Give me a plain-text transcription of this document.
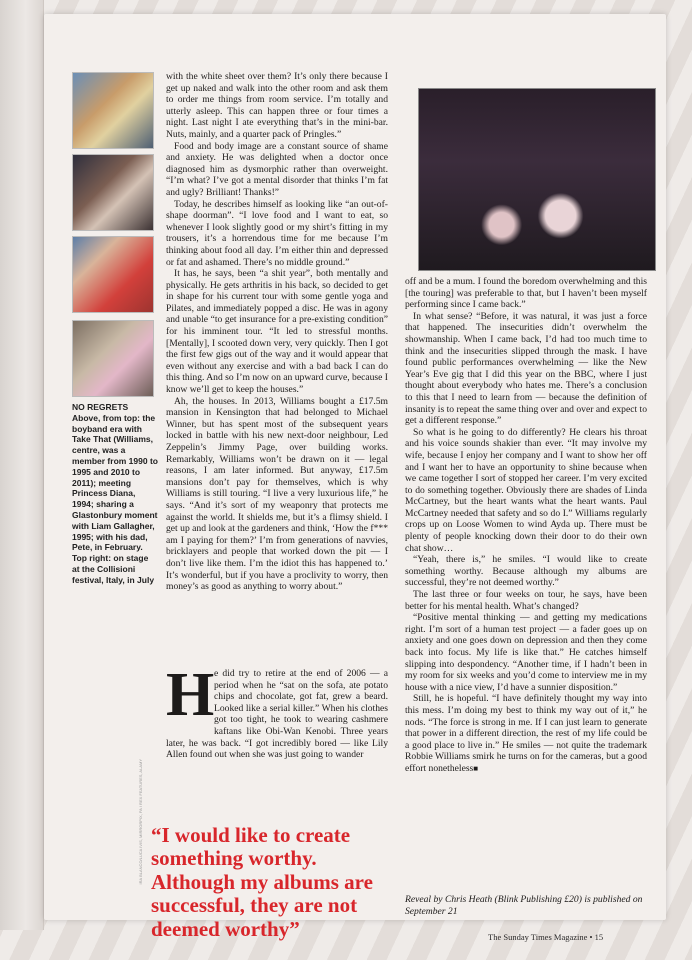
NO REGRETS Above, from top: the boyband era with Take That (Williams, centre, was a member from 1990 to 1995 and 2010 to 2011); meeting Princess Diana, 1994; sharing a Glastonbury moment with Liam Gallagher, 1995; with his dad, Pete, in February. Top right: on stage at the Collisioni festival, Italy, in July
IRA BLANCO/LUCA IVIS, MIRRORPIX, PA / REX FEATURES, ALAMY

with the white sheet over them? It’s only there because I get up naked and walk into the other room and ask them to order me things from room service. I’m totally and utterly asleep. This can happen three or four times a night. Last night I ate everything that’s in the mini-bar. Nuts, mainly, and a quarter pack of Pringles.”

Food and body image are a constant source of shame and anxiety. He was delighted when a doctor once diagnosed him as dysmorphic rather than overweight. “I’m what? I’ve got a mental disorder that thinks I’m fat and ugly? Brilliant! Thanks!”

Today, he describes himself as looking like “an out-of-shape doorman”. “I love food and I want to eat, so whenever I look slightly good or my shirt’s fitting in my trousers, it’s a horrendous time for me because I’m thinking about food all day. I’m either thin and depressed or fat and ashamed. There’s no middle ground.”

It has, he says, been “a shit year”, both mentally and physically. He gets arthritis in his back, so decided to get in shape for his current tour with some gentle yoga and Pilates, and immediately popped a disc. He was in agony and unable “to get insurance for a pre-existing condition” for his imminent tour. “It led to stressful months. [Mentally], I scooted down very, very quickly. Then I got the first few gigs out of the way and it would appear that even without any exercise and with a bad back I can do this thing. And so I’m now on an upward curve, because I know we’ll get to keep the houses.”

Ah, the houses. In 2013, Williams bought a £17.5m mansion in Kensington that had belonged to Michael Winner, but has spent most of the subsequent years locked in battle with his new next-door neighbour, Led Zeppelin’s Jimmy Page, over building works. Remarkably, Williams won’t be drawn on it — legal reasons, I am later informed. But anyway, £17.5m mansions don’t pay for themselves, which is why Williams is still touring. “I live a very luxurious life,” he says. “And it’s sort of my weaponry that protects me against the world. It shields me, but it’s a flimsy shield. I get up and look at the gardeners and think, ‘How the f*** am I paying for them?’ I’m from generations of navvies, bricklayers and people that worked down the pit — I don’t live like them. I’m the idiot this has happened to.’ It’s wonderful, but if you have a proclivity to worry, then money’s as good as anything to worry about.”

H e did try to retire at the end of 2006 — a period when he “sat on the sofa, ate potato chips and chocolate, got fat, grew a beard. Looked like a serial killer.” When his clothes got too tight, he took to wearing cashmere kaftans like Obi-Wan Kenobi. Three years later, he was back. “I got incredibly bored — like Lily Allen found out when she was just going to wander
“I would like to create something worthy. Although my albums are successful, they are not deemed worthy”

off and be a mum. I found the boredom overwhelming and this [the touring] was preferable to that, but I haven’t been myself performing since I came back.”

In what sense? “Before, it was natural, it was just a force that happened. The insecurities didn’t overwhelm the showmanship. When I came back, I’d had too much time to think and the insecurities slipped through the mask. I have found public performances overwhelming — like the New Year’s Eve gig that I did this year on the BBC, where I just thought about everybody who hates me. There’s a conclusion to this that I need to learn from — because the definition of insanity is to repeat the same thing over and over and expect to get a different response.”

So what is he going to do differently? He clears his throat and his voice sounds shakier than ever. “It may involve my wife, because I enjoy her company and I want to show her off and I want her to have an opportunity to shine because when we came together I sort of stopped her career. I’m very excited to do something together. Obviously there are shades of Linda McCartney, but the heart wants what the heart wants. Paul McCartney needed that safety and so do I.” Williams regularly crops up on Loose Women to wind Ayda up. There must be plenty of people knocking down their door to do their own chat show…

“Yeah, there is,” he smiles. “I would like to create something worthy. Because although my albums are successful, they’re not deemed worthy.”

The last three or four weeks on tour, he says, have been better for his mental health. What’s changed?

“Positive mental thinking — and getting my medications right. I’m sort of a human test project — a fader goes up on anxiety and one goes down on depression and then they come back into focus. My life is like that.” He catches himself slipping into despondency. “Another time, if I hadn’t been in my room for six weeks and you’d come to interview me in my house with a nice view, I’d have a sunnier disposition.”

Still, he is hopeful. “I have definitely thought my way into this mess. I’m doing my best to think my way out of it,” he nods. “The force is strong in me. If I can just learn to generate that power in a different direction, the rest of my life could be a good place to live in.” He smiles — not quite the trademark Robbie Williams smirk he turns on for the cameras, but a good effort nonetheless■

Reveal by Chris Heath (Blink Publishing £20) is published on September 21
The Sunday Times Magazine • 15
